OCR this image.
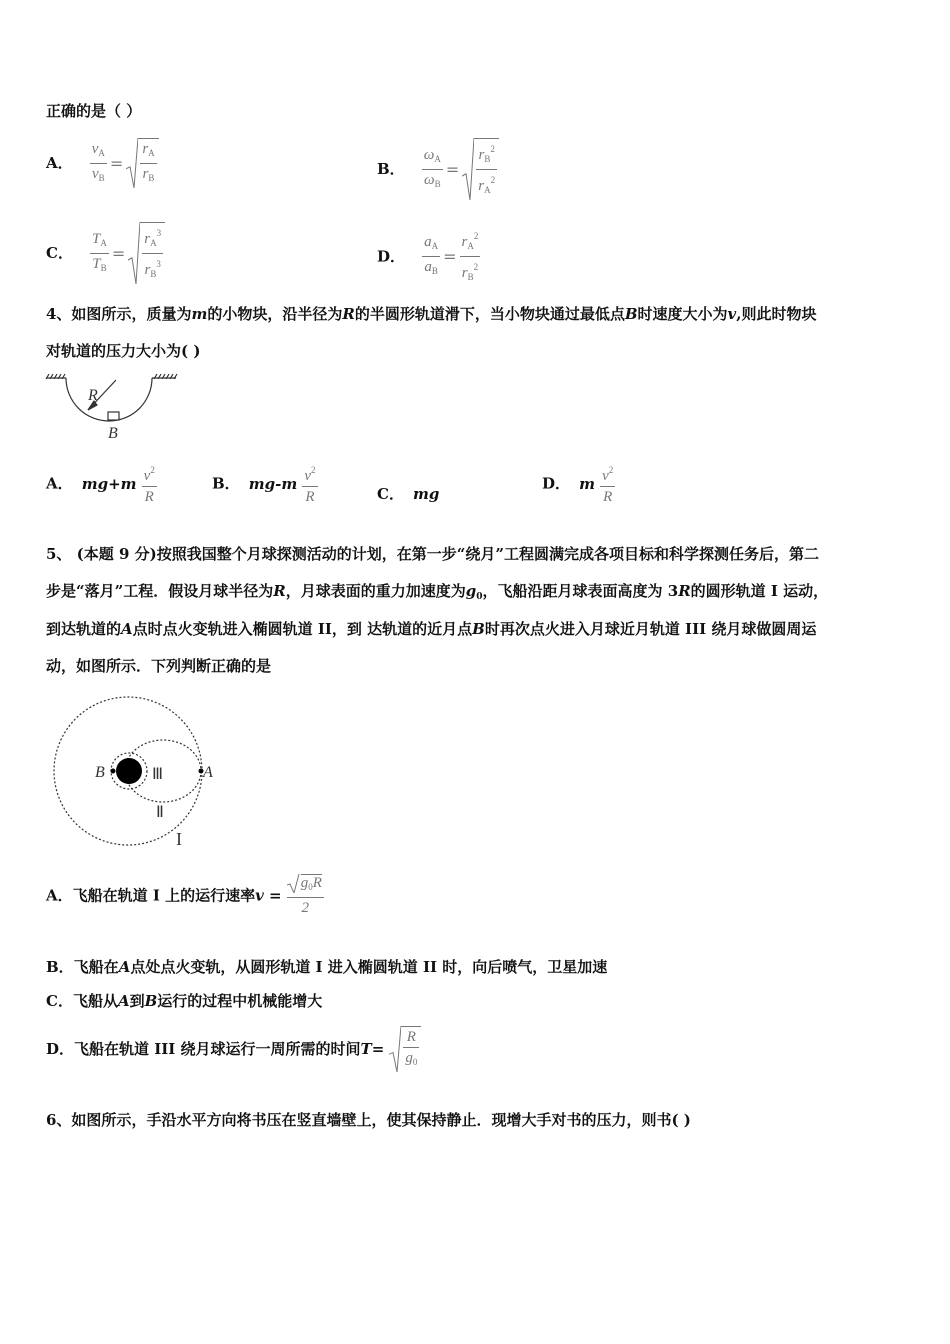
正确的是（ ）
A． $\frac{v_A}{v_B} = \frac{r_A}{r_B}$	B． $\frac{\omega_A}{\omega_B} = \frac{r_B^2}{r_A^2}$
C． $\frac{T_A}{T_B} = \frac{r_A^3}{r_B^3}$	D． $\frac{a_A}{a_B} = \frac{r_A^2}{r_B^2}$
4、如图所示，质量为m的小物块，沿半径为R的半圆形轨道滑下，当小物块通过最低点B时速度大小为v,则此时物块
对轨道的压力大小为( )
R
B
A． $mg+m \frac{v^2}{R}$	B． $mg-m \frac{v^2}{R}$	C． mg
D． m $\frac{v^2}{R}$
5、 (本题 9 分)按照我国整个月球探测活动的计划，在第一步“绕月”工程圆满完成各项目标和科学探测任务后，第二
步是“落月”工程．假设月球半径为R，月球表面的重力加速度为$g_0$，飞船沿距月球表面高度为 3R的圆形轨道 I 运动，
到达轨道的A点时点火变轨进入椭圆轨道 II，到 达轨道的近月点B时再次点火进入月球近月轨道 III 绕月球做圆周运
动，如图所示．下列判断正确的是
B	A
Ⅲ
Ⅱ
I
A．飞船在轨道 I 上的运行速率$v = \frac{g_0R}{2}$
B．飞船在A点处点火变轨，从圆形轨道 I 进入椭圆轨道 II 时，向后喷气，卫星加速
C．飞船从A到B运行的过程中机械能增大
D．飞船在轨道 III 绕月球运行一周所需的时间$T= \frac{R}{g_0}$
6、如图所示，手沿水平方向将书压在竖直墙壁上，使其保持静止．现增大手对书的压力，则书( )
